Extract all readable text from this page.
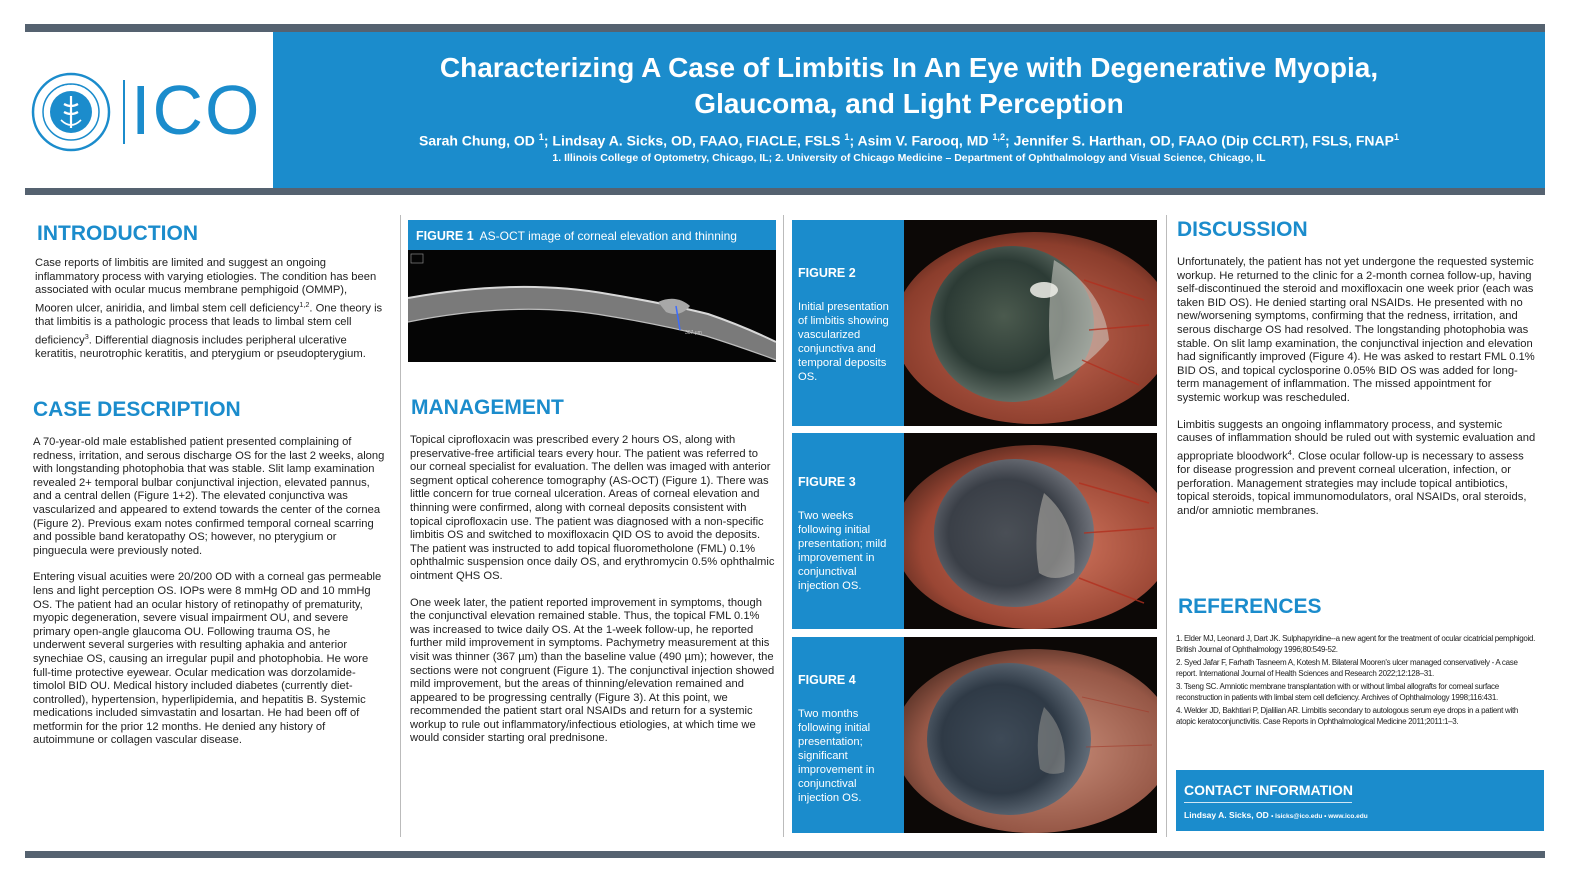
ICO
Characterizing A Case of Limbitis In An Eye with Degenerative Myopia,
Glaucoma, and Light Perception
Sarah Chung, OD $^1$; Lindsay A. Sicks, OD, FAAO, FIACLE, FSLS $^1$; Asim V. Farooq, MD $^{1,2}$; Jennifer S. Harthan, OD, FAAO (Dip CCLRT), FSLS, FNAP$^1$
1. Illinois College of Optometry, Chicago, IL; 2. University of Chicago Medicine – Department of Ophthalmology and Visual Science, Chicago, IL
INTRODUCTION
Case reports of limbitis are limited and suggest an ongoing inflammatory process with varying etiologies. The condition has been associated with ocular mucus membrane pemphigoid (OMMP), Mooren ulcer, aniridia, and limbal stem cell deficiency$^{1,2}$. One theory is that limbitis is a pathologic process that leads to limbal stem cell deficiency$^3$. Differential diagnosis includes peripheral ulcerative keratitis, neurotrophic keratitis, and pterygium or pseudopterygium.
CASE DESCRIPTION

A 70-year-old male established patient presented complaining of redness, irritation, and serous discharge OS for the last 2 weeks, along with longstanding photophobia that was stable. Slit lamp examination revealed 2+ temporal bulbar conjunctival injection, elevated pannus, and a central dellen (Figure 1+2). The elevated conjunctiva was vascularized and appeared to extend towards the center of the cornea (Figure 2). Previous exam notes confirmed temporal corneal scarring and possible band keratopathy OS; however, no pterygium or pinguecula were previously noted.

Entering visual acuities were 20/200 OD with a corneal gas permeable lens and light perception OS. IOPs were 8 mmHg OD and 10 mmHg OS. The patient had an ocular history of retinopathy of prematurity, myopic degeneration, severe visual impairment OU, and severe primary open-angle glaucoma OU. Following trauma OS, he underwent several surgeries with resulting aphakia and anterior synechiae OS, causing an irregular pupil and photophobia. He wore full-time protective eyewear. Ocular medication was dorzolamide-timolol BID OU. Medical history included diabetes (currently diet-controlled), hypertension, hyperlipidemia, and hepatitis B. Systemic medications included simvastatin and losartan. He had been off of metformin for the prior 12 months. He denied any history of autoimmune or collagen vascular disease.

FIGURE 1 AS-OCT image of corneal elevation and thinning
367 µm
MANAGEMENT

Topical ciprofloxacin was prescribed every 2 hours OS, along with preservative-free artificial tears every hour. The patient was referred to our corneal specialist for evaluation. The dellen was imaged with anterior segment optical coherence tomography (AS-OCT) (Figure 1). There was little concern for true corneal ulceration. Areas of corneal elevation and thinning were confirmed, along with corneal deposits consistent with topical ciprofloxacin use. The patient was diagnosed with a non-specific limbitis OS and switched to moxifloxacin QID OS to avoid the deposits. The patient was instructed to add topical fluorometholone (FML) 0.1% ophthalmic suspension once daily OS, and erythromycin 0.5% ophthalmic ointment QHS OS.

One week later, the patient reported improvement in symptoms, though the conjunctival elevation remained stable. Thus, the topical FML 0.1% was increased to twice daily OS. At the 1-week follow-up, he reported further mild improvement in symptoms. Pachymetry measurement at this visit was thinner (367 µm) than the baseline value (490 µm); however, the sections were not congruent (Figure 1). The conjunctival injection showed mild improvement, but the areas of thinning/elevation remained and appeared to be progressing centrally (Figure 3). At this point, we recommended the patient start oral NSAIDs and return for a systemic workup to rule out inflammatory/infectious etiologies, at which time we would consider starting oral prednisone.

FIGURE 2
Initial presentation of limbitis showing vascularized conjunctiva and temporal deposits OS.
FIGURE 3
Two weeks following initial presentation; mild improvement in conjunctival injection OS.
FIGURE 4
Two months following initial presentation; significant improvement in conjunctival injection OS.
DISCUSSION

Unfortunately, the patient has not yet undergone the requested systemic workup. He returned to the clinic for a 2-month cornea follow-up, having self-discontinued the steroid and moxifloxacin one week prior (each was taken BID OS). He denied starting oral NSAIDs. He presented with no new/worsening symptoms, confirming that the redness, irritation, and serous discharge OS had resolved. The longstanding photophobia was stable. On slit lamp examination, the conjunctival injection and elevation had significantly improved (Figure 4). He was asked to restart FML 0.1% BID OS, and topical cyclosporine 0.05% BID OS was added for long-term management of inflammation. The missed appointment for systemic workup was rescheduled.

Limbitis suggests an ongoing inflammatory process, and systemic causes of inflammation should be ruled out with systemic evaluation and appropriate bloodwork$^4$. Close ocular follow-up is necessary to assess for disease progression and prevent corneal ulceration, infection, or perforation. Management strategies may include topical antibiotics, topical steroids, topical immunomodulators, oral NSAIDs, oral steroids, and/or amniotic membranes.

REFERENCES

1. Elder MJ, Leonard J, Dart JK. Sulphapyridine--a new agent for the treatment of ocular cicatricial pemphigoid. British Journal of Ophthalmology 1996;80:549-52.

2. Syed Jafar F, Farhath Tasneem A, Kotesh M. Bilateral Mooren's ulcer managed conservatively - A case report. International Journal of Health Sciences and Research 2022;12:128–31.

3. Tseng SC. Amniotic membrane transplantation with or without limbal allografts for corneal surface reconstruction in patients with limbal stem cell deficiency. Archives of Ophthalmology 1998;116:431.

4. Welder JD, Bakhtiari P, Djalilian AR. Limbitis secondary to autologous serum eye drops in a patient with atopic keratoconjunctivitis. Case Reports in Ophthalmological Medicine 2011;2011:1–3.

CONTACT INFORMATION
Lindsay A. Sicks, OD • lsicks@ico.edu • www.ico.edu
